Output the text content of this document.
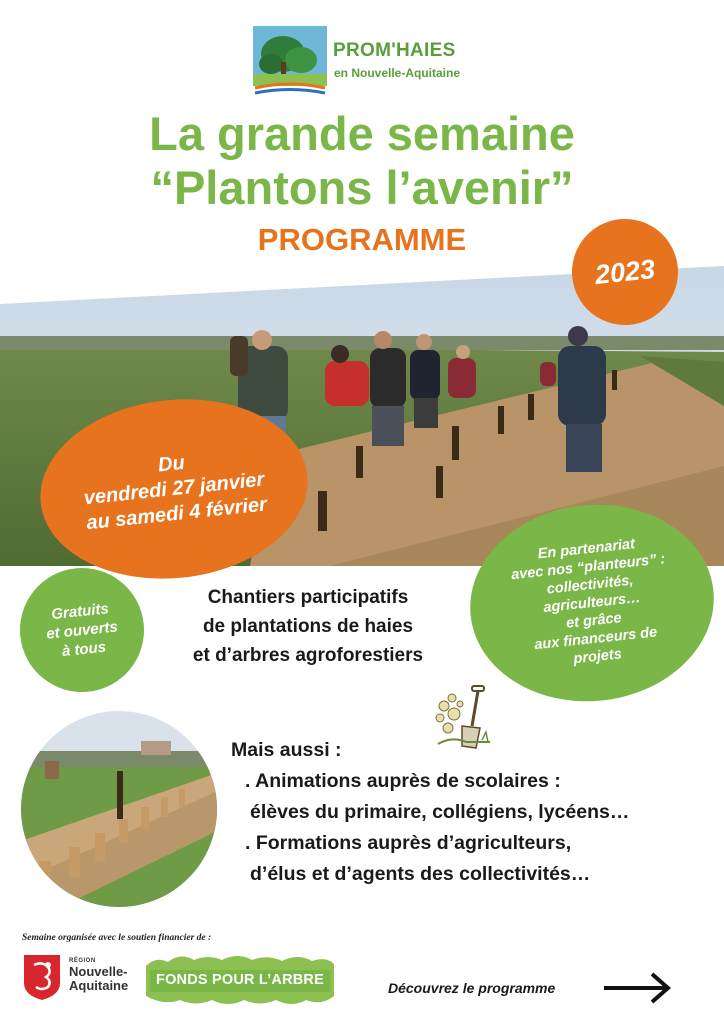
PROM'HAIES
en Nouvelle-Aquitaine
La grande semaine
“Plantons l’avenir”
PROGRAMME
2023
Du
vendredi 27 janvier
au samedi 4 février
Gratuits
et ouverts
à tous
En partenariat
avec nos “planteurs” :
collectivités,
agriculteurs…
et grâce
aux financeurs de
projets
Chantiers participatifs
de plantations de haies
et d’arbres agroforestiers
Mais aussi :
. Animations auprès de scolaires :
élèves du primaire, collégiens, lycéens…
. Formations auprès d’agriculteurs,
d’élus et d’agents des collectivités…
Semaine organisée avec le soutien financier de :
RÉGION
Nouvelle-
Aquitaine	FONDS POUR L’ARBRE	Découvrez le programme
